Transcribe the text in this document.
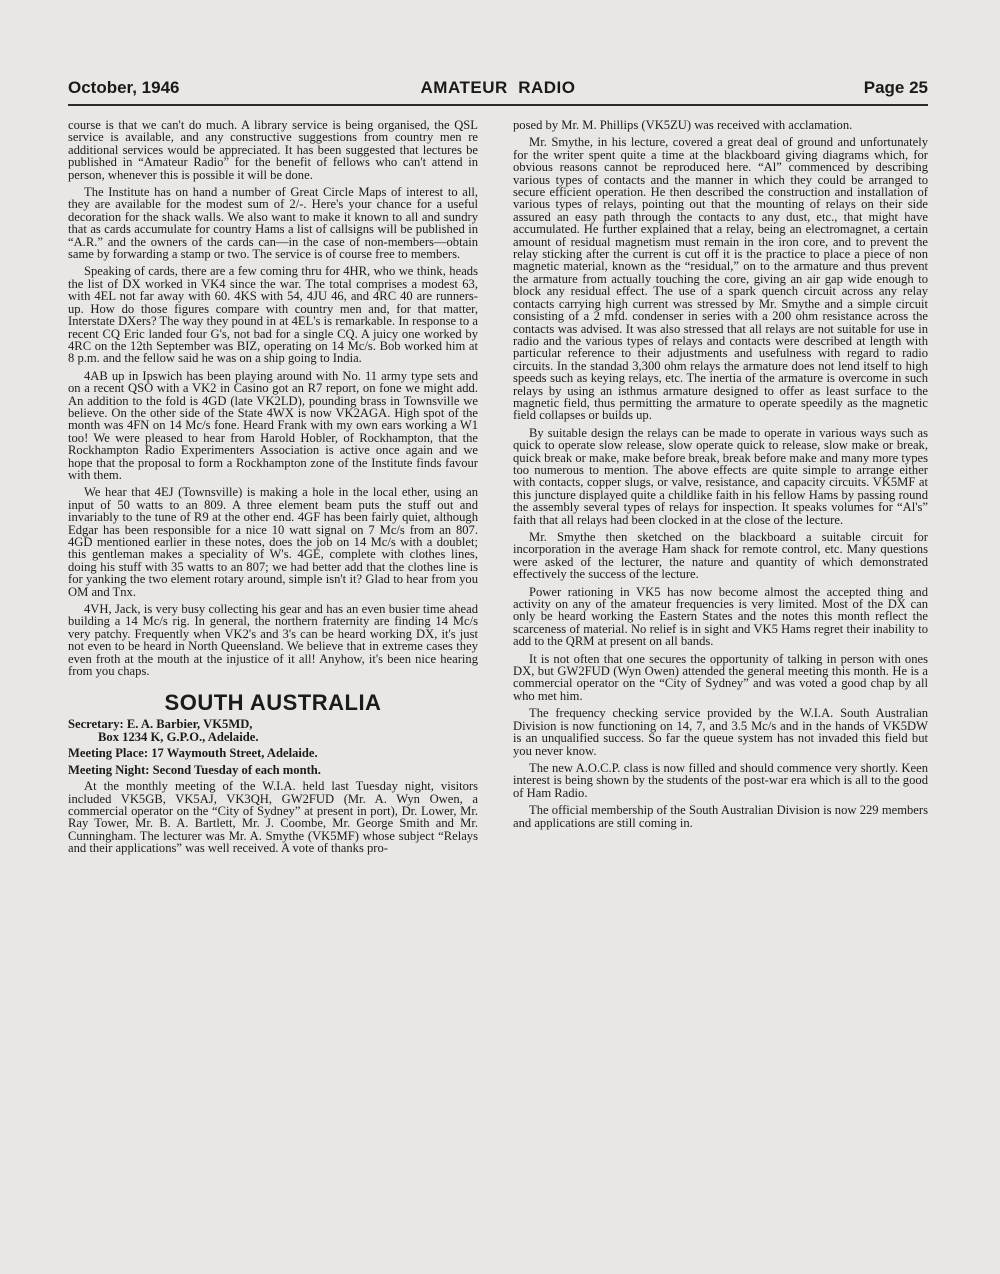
October, 1946	AMATEUR  RADIO	Page 25

course is that we can't do much. A library service is being organised, the QSL service is available, and any constructive suggestions from country men re additional services would be appreciated. It has been suggested that lectures be published in “Amateur Radio” for the benefit of fellows who can't attend in person, whenever this is possible it will be done.

The Institute has on hand a number of Great Circle Maps of interest to all, they are available for the modest sum of 2/-. Here's your chance for a useful decoration for the shack walls. We also want to make it known to all and sundry that as cards accumulate for country Hams a list of callsigns will be published in “A.R.” and the owners of the cards can—in the case of non-members—obtain same by forwarding a stamp or two. The service is of course free to members.

Speaking of cards, there are a few coming thru for 4HR, who we think, heads the list of DX worked in VK4 since the war. The total comprises a modest 63, with 4EL not far away with 60. 4KS with 54, 4JU 46, and 4RC 40 are runners-up. How do those figures compare with country men and, for that matter, Interstate DXers? The way they pound in at 4EL's is remarkable. In response to a recent CQ Eric landed four G's, not bad for a single CQ. A juicy one worked by 4RC on the 12th September was BIZ, operating on 14 Mc/s. Bob worked him at 8 p.m. and the fellow said he was on a ship going to India.

4AB up in Ipswich has been playing around with No. 11 army type sets and on a recent QSO with a VK2 in Casino got an R7 report, on fone we might add. An addition to the fold is 4GD (late VK2LD), pounding brass in Townsville we believe. On the other side of the State 4WX is now VK2AGA. High spot of the month was 4FN on 14 Mc/s fone. Heard Frank with my own ears working a W1 too! We were pleased to hear from Harold Hobler, of Rockhampton, that the Rockhampton Radio Experimenters Association is active once again and we hope that the proposal to form a Rockhampton zone of the Institute finds favour with them.

We hear that 4EJ (Townsville) is making a hole in the local ether, using an input of 50 watts to an 809. A three element beam puts the stuff out and invariably to the tune of R9 at the other end. 4GF has been fairly quiet, although Edgar has been responsible for a nice 10 watt signal on 7 Mc/s from an 807. 4GD mentioned earlier in these notes, does the job on 14 Mc/s with a doublet; this gentleman makes a speciality of W's. 4GE, complete with clothes lines, doing his stuff with 35 watts to an 807; we had better add that the clothes line is for yanking the two element rotary around, simple isn't it? Glad to hear from you OM and Tnx.

4VH, Jack, is very busy collecting his gear and has an even busier time ahead building a 14 Mc/s rig. In general, the northern fraternity are finding 14 Mc/s very patchy. Frequently when VK2's and 3's can be heard working DX, it's just not even to be heard in North Queensland. We believe that in extreme cases they even froth at the mouth at the injustice of it all! Anyhow, it's been nice hearing from you chaps.

SOUTH AUSTRALIA
Secretary: E. A. Barbier, VK5MD,
Box 1234 K, G.P.O., Adelaide.
Meeting Place: 17 Waymouth Street, Adelaide.
Meeting Night: Second Tuesday of each month.

At the monthly meeting of the W.I.A. held last Tuesday night, visitors included VK5GB, VK5AJ, VK3QH, GW2FUD (Mr. A. Wyn Owen, a commercial operator on the “City of Sydney” at present in port), Dr. Lower, Mr. Ray Tower, Mr. B. A. Bartlett, Mr. J. Coombe, Mr. George Smith and Mr. Cunningham. The lecturer was Mr. A. Smythe (VK5MF) whose subject “Relays and their applications” was well received. A vote of thanks pro-

posed by Mr. M. Phillips (VK5ZU) was received with acclamation.

Mr. Smythe, in his lecture, covered a great deal of ground and unfortunately for the writer spent quite a time at the blackboard giving diagrams which, for obvious reasons cannot be reproduced here. “Al” commenced by describing various types of contacts and the manner in which they could be arranged to secure efficient operation. He then described the construction and installation of various types of relays, pointing out that the mounting of relays on their side assured an easy path through the contacts to any dust, etc., that might have accumulated. He further explained that a relay, being an electromagnet, a certain amount of residual magnetism must remain in the iron core, and to prevent the relay sticking after the current is cut off it is the practice to place a piece of non magnetic material, known as the “residual,” on to the armature and thus prevent the armature from actually touching the core, giving an air gap wide enough to block any residual effect. The use of a spark quench circuit across any relay contacts carrying high current was stressed by Mr. Smythe and a simple circuit consisting of a 2 mfd. condenser in series with a 200 ohm resistance across the contacts was advised. It was also stressed that all relays are not suitable for use in radio and the various types of relays and contacts were described at length with particular reference to their adjustments and usefulness with regard to radio circuits. In the standad 3,300 ohm relays the armature does not lend itself to high speeds such as keying relays, etc. The inertia of the armature is overcome in such relays by using an isthmus armature designed to offer as least surface to the magnetic field, thus permitting the armature to operate speedily as the magnetic field collapses or builds up.

By suitable design the relays can be made to operate in various ways such as quick to operate slow release, slow operate quick to release, slow make or break, quick break or make, make before break, break before make and many more types too numerous to mention. The above effects are quite simple to arrange either with contacts, copper slugs, or valve, resistance, and capacity circuits. VK5MF at this juncture displayed quite a childlike faith in his fellow Hams by passing round the assembly several types of relays for inspection. It speaks volumes for “Al's” faith that all relays had been clocked in at the close of the lecture.

Mr. Smythe then sketched on the blackboard a suitable circuit for incorporation in the average Ham shack for remote control, etc. Many questions were asked of the lecturer, the nature and quantity of which demonstrated effectively the success of the lecture.

Power rationing in VK5 has now become almost the accepted thing and activity on any of the amateur frequencies is very limited. Most of the DX can only be heard working the Eastern States and the notes this month reflect the scarceness of material. No relief is in sight and VK5 Hams regret their inability to add to the QRM at present on all bands.

It is not often that one secures the opportunity of talking in person with ones DX, but GW2FUD (Wyn Owen) attended the general meeting this month. He is a commercial operator on the “City of Sydney” and was voted a good chap by all who met him.

The frequency checking service provided by the W.I.A. South Australian Division is now functioning on 14, 7, and 3.5 Mc/s and in the hands of VK5DW is an unqualified success. So far the queue system has not invaded this field but you never know.

The new A.O.C.P. class is now filled and should commence very shortly. Keen interest is being shown by the students of the post-war era which is all to the good of Ham Radio.

The official membership of the South Australian Division is now 229 members and applications are still coming in.
